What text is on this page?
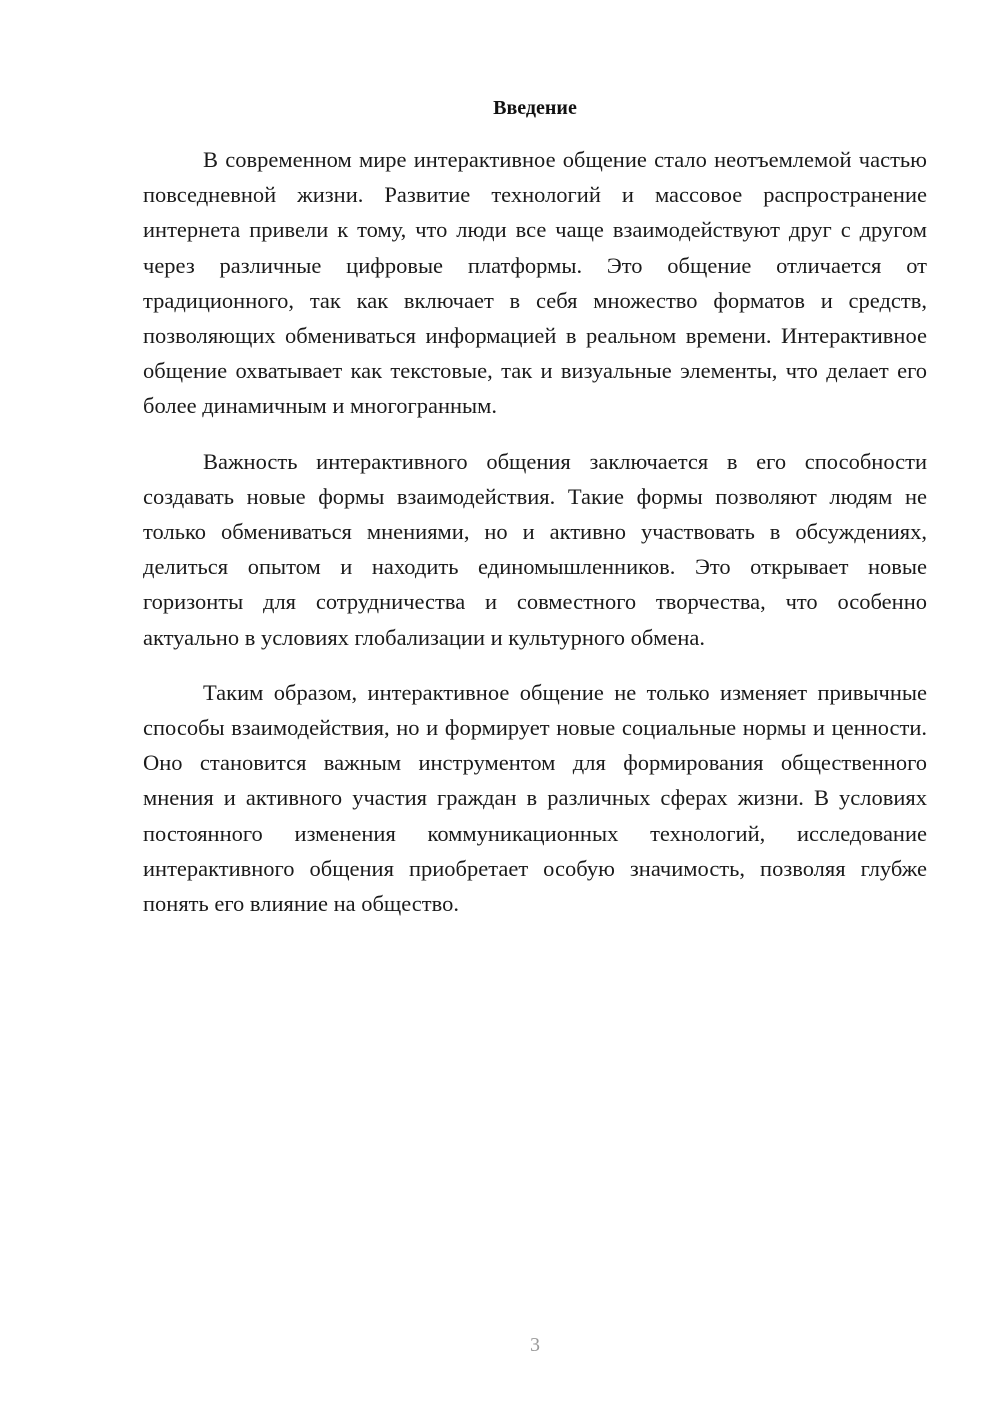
Введение

В современном мире интерактивное общение стало неотъемлемой частью повседневной жизни. Развитие технологий и массовое распространение интернета привели к тому, что люди все чаще взаимодействуют друг с другом через различные цифровые платформы. Это общение отличается от традиционного, так как включает в себя множество форматов и средств, позволяющих обмениваться информацией в реальном времени. Интерактивное общение охватывает как текстовые, так и визуальные элементы, что делает его более динамичным и многогранным.

Важность интерактивного общения заключается в его способности создавать новые формы взаимодействия. Такие формы позволяют людям не только обмениваться мнениями, но и активно участвовать в обсуждениях, делиться опытом и находить единомышленников. Это открывает новые горизонты для сотрудничества и совместного творчества, что особенно актуально в условиях глобализации и культурного обмена.

Таким образом, интерактивное общение не только изменяет привычные способы взаимодействия, но и формирует новые социальные нормы и ценности. Оно становится важным инструментом для формирования общественного мнения и активного участия граждан в различных сферах жизни. В условиях постоянного изменения коммуникационных технологий, исследование интерактивного общения приобретает особую значимость, позволяя глубже понять его влияние на общество.

3
